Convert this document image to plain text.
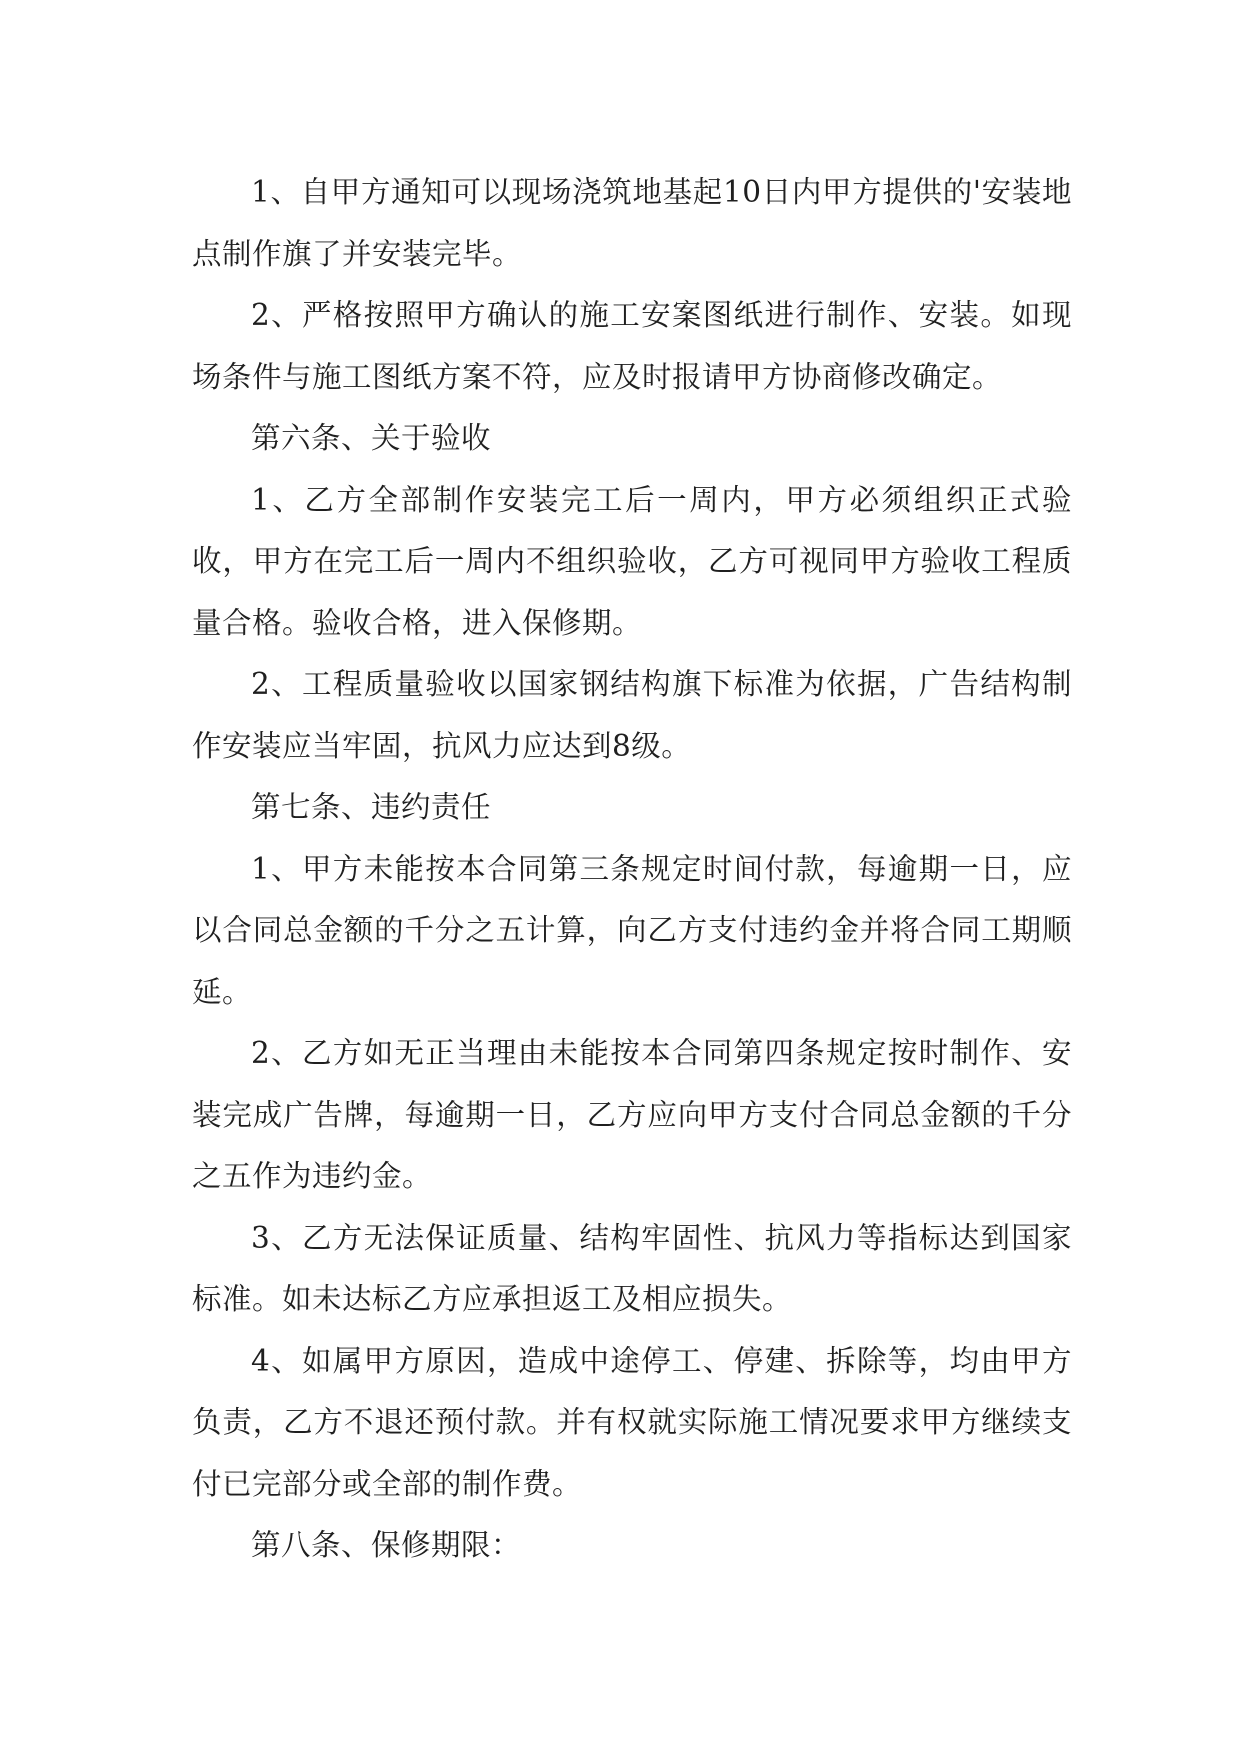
1、自甲方通知可以现场浇筑地基起10日内甲方提供的'安装地点制作旗了并安装完毕。

2、严格按照甲方确认的施工安案图纸进行制作、安装。如现场条件与施工图纸方案不符，应及时报请甲方协商修改确定。

第六条、关于验收

1、乙方全部制作安装完工后一周内，甲方必须组织正式验收，甲方在完工后一周内不组织验收，乙方可视同甲方验收工程质量合格。验收合格，进入保修期。

2、工程质量验收以国家钢结构旗下标准为依据，广告结构制作安装应当牢固，抗风力应达到8级。

第七条、违约责任

1、甲方未能按本合同第三条规定时间付款，每逾期一日，应以合同总金额的千分之五计算，向乙方支付违约金并将合同工期顺延。

2、乙方如无正当理由未能按本合同第四条规定按时制作、安装完成广告牌，每逾期一日，乙方应向甲方支付合同总金额的千分之五作为违约金。

3、乙方无法保证质量、结构牢固性、抗风力等指标达到国家标准。如未达标乙方应承担返工及相应损失。

4、如属甲方原因，造成中途停工、停建、拆除等，均由甲方负责，乙方不退还预付款。并有权就实际施工情况要求甲方继续支付已完部分或全部的制作费。

第八条、保修期限：
